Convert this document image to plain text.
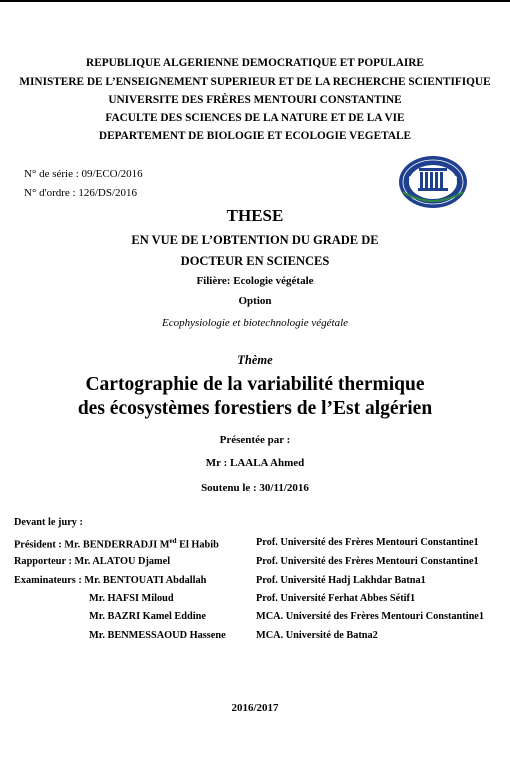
REPUBLIQUE ALGERIENNE DEMOCRATIQUE ET POPULAIRE
MINISTERE DE L’ENSEIGNEMENT SUPERIEUR ET DE LA RECHERCHE SCIENTIFIQUE
UNIVERSITE DES FRÈRES MENTOURI CONSTANTINE
FACULTE DES SCIENCES DE LA NATURE ET DE LA VIE
DEPARTEMENT DE BIOLOGIE ET ECOLOGIE VEGETALE
N° de série : 09/ECO/2016
N° d'ordre : 126/DS/2016
THESE
EN VUE DE L’OBTENTION DU GRADE DE
DOCTEUR EN SCIENCES
Filière: Ecologie végétale
Option
Ecophysiologie et biotechnologie végétale
Thème
Cartographie de la variabilité thermique
des écosystèmes forestiers de l’Est algérien
Présentée par :
Mr : LAALA Ahmed
Soutenu le : 30/11/2016
Devant le jury :
Président : Mr. BENDERRADJI $M^{ed}$ El Habib	Prof. Université des Frères Mentouri Constantine1
Rapporteur : Mr. ALATOU Djamel	Prof. Université des Frères Mentouri Constantine1
Examinateurs : Mr. BENTOUATI Abdallah	Prof. Université Hadj Lakhdar Batna1
Mr. HAFSI Miloud	Prof. Université Ferhat Abbes Sétif1
Mr. BAZRI Kamel Eddine	MCA. Université des Frères Mentouri Constantine1
Mr. BENMESSAOUD Hassene	MCA. Université de Batna2
2016/2017
